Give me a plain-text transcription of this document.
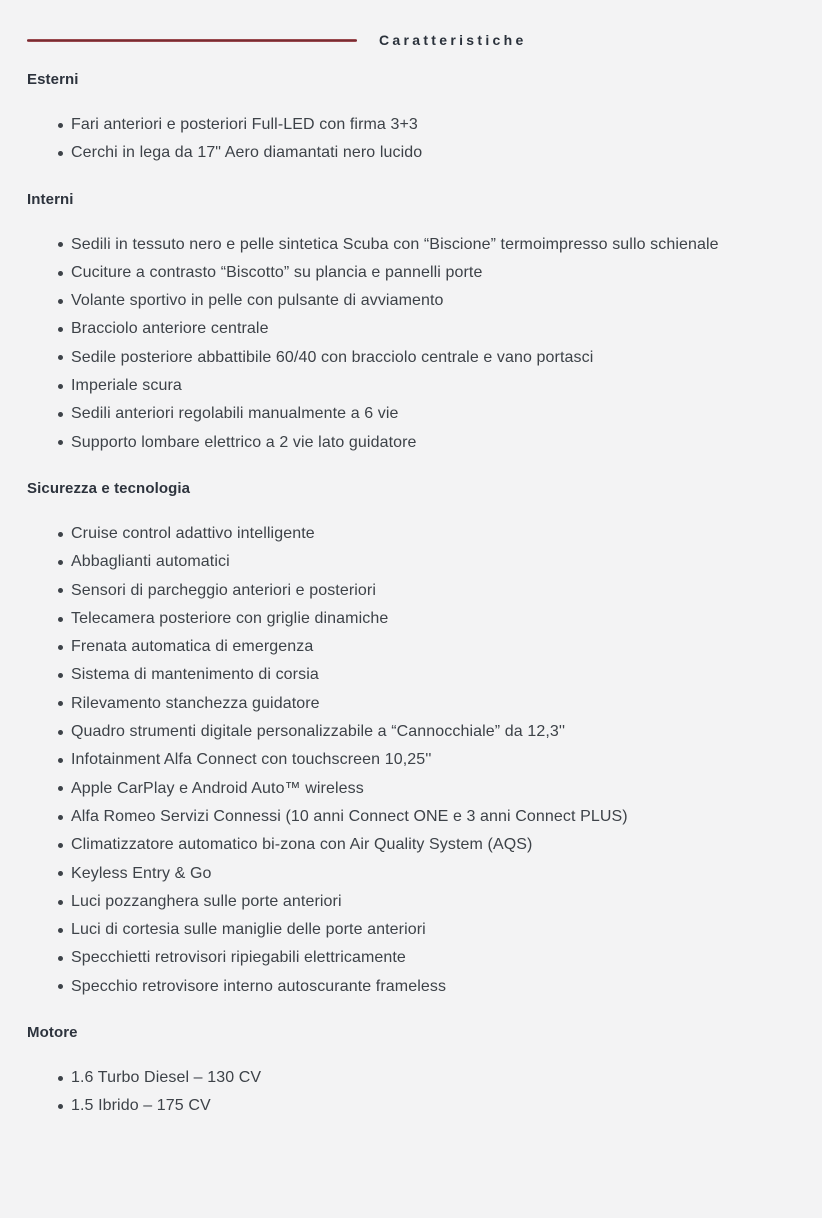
Caratteristiche
Esterni
Fari anteriori e posteriori Full-LED con firma 3+3
Cerchi in lega da 17" Aero diamantati nero lucido
Interni
Sedili in tessuto nero e pelle sintetica Scuba con “Biscione” termoimpresso sullo schienale
Cuciture a contrasto “Biscotto” su plancia e pannelli porte
Volante sportivo in pelle con pulsante di avviamento
Bracciolo anteriore centrale
Sedile posteriore abbattibile 60/40 con bracciolo centrale e vano portasci
Imperiale scura
Sedili anteriori regolabili manualmente a 6 vie
Supporto lombare elettrico a 2 vie lato guidatore
Sicurezza e tecnologia
Cruise control adattivo intelligente
Abbaglianti automatici
Sensori di parcheggio anteriori e posteriori
Telecamera posteriore con griglie dinamiche
Frenata automatica di emergenza
Sistema di mantenimento di corsia
Rilevamento stanchezza guidatore
Quadro strumenti digitale personalizzabile a “Cannocchiale” da 12,3''
Infotainment Alfa Connect con touchscreen 10,25''
Apple CarPlay e Android Auto™ wireless
Alfa Romeo Servizi Connessi (10 anni Connect ONE e 3 anni Connect PLUS)
Climatizzatore automatico bi-zona con Air Quality System (AQS)
Keyless Entry & Go
Luci pozzanghera sulle porte anteriori
Luci di cortesia sulle maniglie delle porte anteriori
Specchietti retrovisori ripiegabili elettricamente
Specchio retrovisore interno autoscurante frameless
Motore
1.6 Turbo Diesel – 130 CV
1.5 Ibrido – 175 CV
